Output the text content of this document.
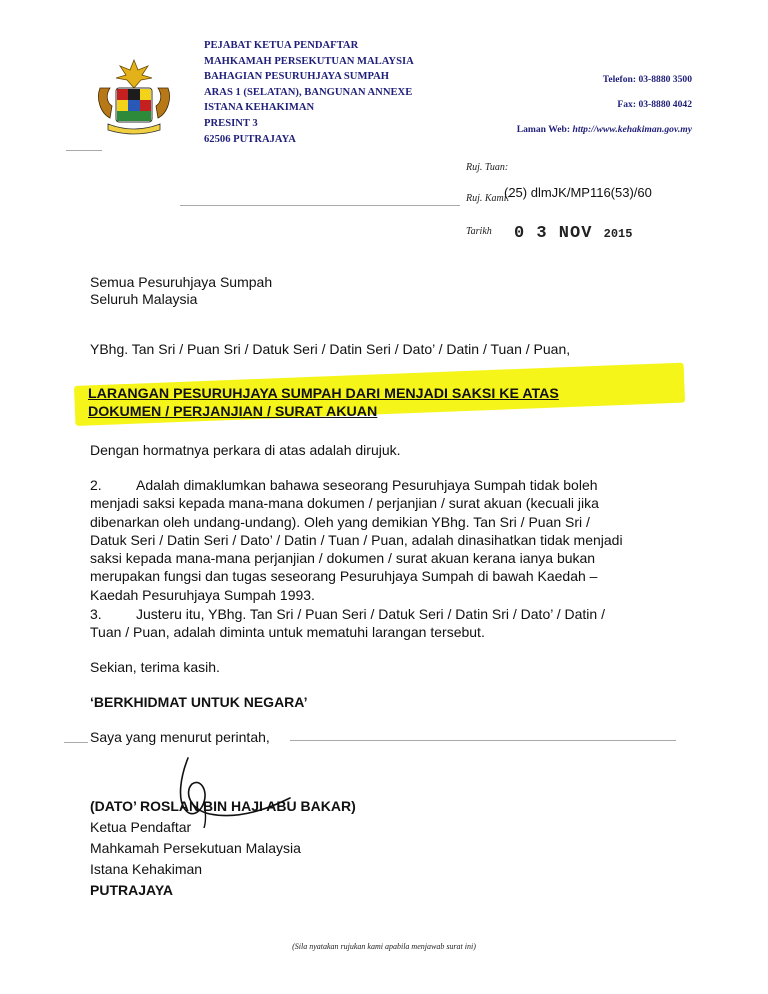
PEJABAT KETUA PENDAFTAR
MAHKAMAH PERSEKUTUAN MALAYSIA
BAHAGIAN PESURUHJAYA SUMPAH
ARAS 1 (SELATAN), BANGUNAN ANNEXE
ISTANA KEHAKIMAN
PRESINT 3
62506 PUTRAJAYA
Telefon: 03-8880 3500
Fax: 03-8880 4042
Laman Web: http://www.kehakiman.gov.my
Ruj. Tuan:
Ruj. Kami:
(25) dlmJK/MP116(53)/60
Tarikh 0 3 NOV 2015
Semua Pesuruhjaya Sumpah
Seluruh Malaysia
YBhg. Tan Sri / Puan Sri / Datuk Seri / Datin Seri / Dato’ / Datin / Tuan / Puan,
LARANGAN PESURUHJAYA SUMPAH DARI MENJADI SAKSI KE ATAS
DOKUMEN / PERJANJIAN / SURAT AKUAN
Dengan hormatnya perkara di atas adalah dirujuk.
2.	Adalah dimaklumkan bahawa seseorang Pesuruhjaya Sumpah tidak boleh
menjadi saksi kepada mana-mana dokumen / perjanjian / surat akuan (kecuali jika
dibenarkan oleh undang-undang). Oleh yang demikian YBhg. Tan Sri / Puan Sri /
Datuk Seri / Datin Seri / Dato’ / Datin / Tuan / Puan, adalah dinasihatkan tidak menjadi
saksi kepada mana-mana perjanjian / dokumen / surat akuan kerana ianya bukan
merupakan fungsi dan tugas seseorang Pesuruhjaya Sumpah di bawah Kaedah –
Kaedah Pesuruhjaya Sumpah 1993.
3.	Justeru itu, YBhg. Tan Sri / Puan Seri / Datuk Seri / Datin Sri / Dato’ / Datin /
Tuan / Puan, adalah diminta untuk mematuhi larangan tersebut.
Sekian, terima kasih.
‘BERKHIDMAT UNTUK NEGARA’
Saya yang menurut perintah,
(DATO’ ROSLAN BIN HAJI ABU BAKAR)
Ketua Pendaftar
Mahkamah Persekutuan Malaysia
Istana Kehakiman
PUTRAJAYA
(Sila nyatakan rujukan kami apabila menjawab surat ini)
